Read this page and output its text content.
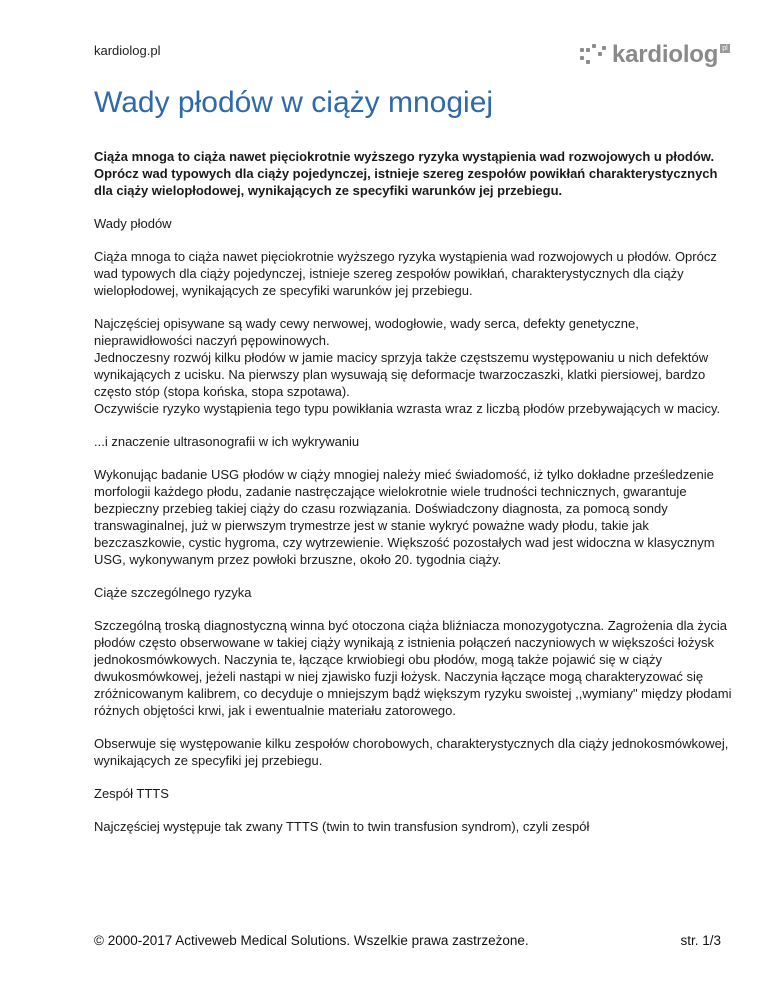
kardiolog.pl	kardiolog pl
Wady płodów w ciąży mnogiej

Ciąża mnoga to ciąża nawet pięciokrotnie wyższego ryzyka wystąpienia wad rozwojowych u płodów. Oprócz wad typowych dla ciąży pojedynczej, istnieje szereg zespołów powikłań charakterystycznych dla ciąży wielopłodowej, wynikających ze specyfiki warunków jej przebiegu.

Wady płodów

Ciąża mnoga to ciąża nawet pięciokrotnie wyższego ryzyka wystąpienia wad rozwojowych u płodów. Oprócz wad typowych dla ciąży pojedynczej, istnieje szereg zespołów powikłań, charakterystycznych dla ciąży wielopłodowej, wynikających ze specyfiki warunków jej przebiegu.

Najczęściej opisywane są wady cewy nerwowej, wodogłowie, wady serca, defekty genetyczne, nieprawidłowości naczyń pępowinowych.
Jednoczesny rozwój kilku płodów w jamie macicy sprzyja także częstszemu występowaniu u nich defektów wynikających z ucisku. Na pierwszy plan wysuwają się deformacje twarzoczaszki, klatki piersiowej, bardzo często stóp (stopa końska, stopa szpotawa).
Oczywiście ryzyko wystąpienia tego typu powikłania wzrasta wraz z liczbą płodów przebywających w macicy.

...i znaczenie ultrasonografii w ich wykrywaniu

Wykonując badanie USG płodów w ciąży mnogiej należy mieć świadomość, iż tylko dokładne prześledzenie morfologii każdego płodu, zadanie nastręczające wielokrotnie wiele trudności technicznych, gwarantuje bezpieczny przebieg takiej ciąży do czasu rozwiązania. Doświadczony diagnosta, za pomocą sondy transwaginalnej, już w pierwszym trymestrze jest w stanie wykryć poważne wady płodu, takie jak bezczaszkowie, cystic hygroma, czy wytrzewienie. Większość pozostałych wad jest widoczna w klasycznym USG, wykonywanym przez powłoki brzuszne, około 20. tygodnia ciąży.

Ciąże szczególnego ryzyka

Szczególną troską diagnostyczną winna być otoczona ciąża bliźniacza monozygotyczna. Zagrożenia dla życia płodów często obserwowane w takiej ciąży wynikają z istnienia połączeń naczyniowych w większości łożysk jednokosmówkowych. Naczynia te, łączące krwiobiegi obu płodów, mogą także pojawić się w ciąży dwukosmówkowej, jeżeli nastąpi w niej zjawisko fuzji łożysk. Naczynia łączące mogą charakteryzować się zróżnicowanym kalibrem, co decyduje o mniejszym bądź większym ryzyku swoistej ,,wymiany" między płodami różnych objętości krwi, jak i ewentualnie materiału zatorowego.

Obserwuje się występowanie kilku zespołów chorobowych, charakterystycznych dla ciąży jednokosmówkowej, wynikających ze specyfiki jej przebiegu.

Zespół TTTS

Najczęściej występuje tak zwany TTTS (twin to twin transfusion syndrom), czyli zespół

© 2000-2017 Activeweb Medical Solutions. Wszelkie prawa zastrzeżone.	str. 1/3
